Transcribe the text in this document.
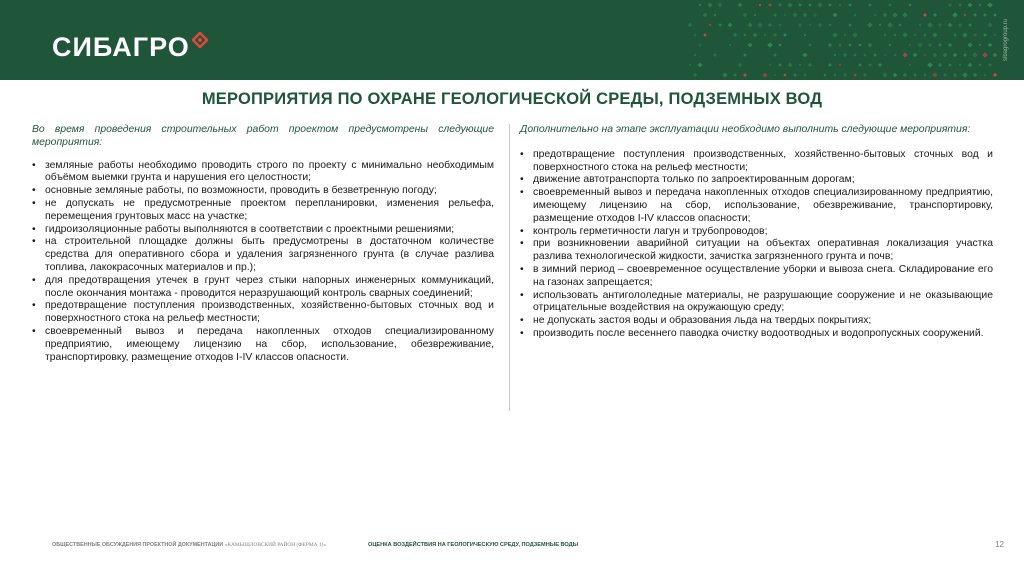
СИБАГРО	sibagrogroup.ru
МЕРОПРИЯТИЯ ПО ОХРАНЕ ГЕОЛОГИЧЕСКОЙ СРЕДЫ, ПОДЗЕМНЫХ ВОД

Во время проведения строительных работ проектом предусмотрены следующие мероприятия:

• земляные работы необходимо проводить строго по проекту с минимально необходимым объёмом выемки грунта и нарушения его целостности;
• основные земляные работы, по возможности, проводить в безветренную погоду;
• не допускать не предусмотренные проектом перепланировки, изменения рельефа, перемещения грунтовых масс на участке;
• гидроизоляционные работы выполняются в соответствии с проектными решениями;
• на строительной площадке должны быть предусмотрены в достаточном количестве средства для оперативного сбора и удаления загрязненного грунта (в случае разлива топлива, лакокрасочных материалов и пр.);
• для предотвращения утечек в грунт через стыки напорных инженерных коммуникаций, после окончания монтажа - проводится неразрушающий контроль сварных соединений;
• предотвращение поступления производственных, хозяйственно-бытовых сточных вод и поверхностного стока на рельеф местности;
• своевременный вывоз и передача накопленных отходов специализированному предприятию, имеющему лицензию на сбор, использование, обезвреживание, транспортировку, размещение отходов I-IV классов опасности.

Дополнительно на этапе эксплуатации необходимо выполнить следующие мероприятия:

• предотвращение поступления производственных, хозяйственно-бытовых сточных вод и поверхностного стока на рельеф местности;
• движение автотранспорта только по запроектированным дорогам;
• своевременный вывоз и передача накопленных отходов специализированному предприятию, имеющему лицензию на сбор, использование, обезвреживание, транспортировку, размещение отходов I-IV классов опасности;
• контроль герметичности лагун и трубопроводов;
• при возникновении аварийной ситуации на объектах оперативная локализация участка разлива технологической жидкости, зачистка загрязненного грунта и почв;
• в зимний период – своевременное осуществление уборки и вывоза снега. Складирование его на газонах запрещается;
• использовать антигололедные материалы, не разрушающие сооружение и не оказывающие отрицательные воздействия на окружающую среду;
• не допускать застоя воды и образования льда на твердых покрытиях;
• производить после весеннего паводка очистку водоотводных и водопропускных сооружений.
ОБЩЕСТВЕННЫЕ ОБСУЖДЕНИЯ ПРОЕКТНОЙ ДОКУМЕНТАЦИИ «КАМЫШЛОВСКИЙ РАЙОН (ФЕРМА 1)»	ОЦЕНКА ВОЗДЕЙСТВИЯ НА ГЕОЛОГИЧЕСКУЮ СРЕДУ, ПОДЗЕМНЫЕ ВОДЫ	12
